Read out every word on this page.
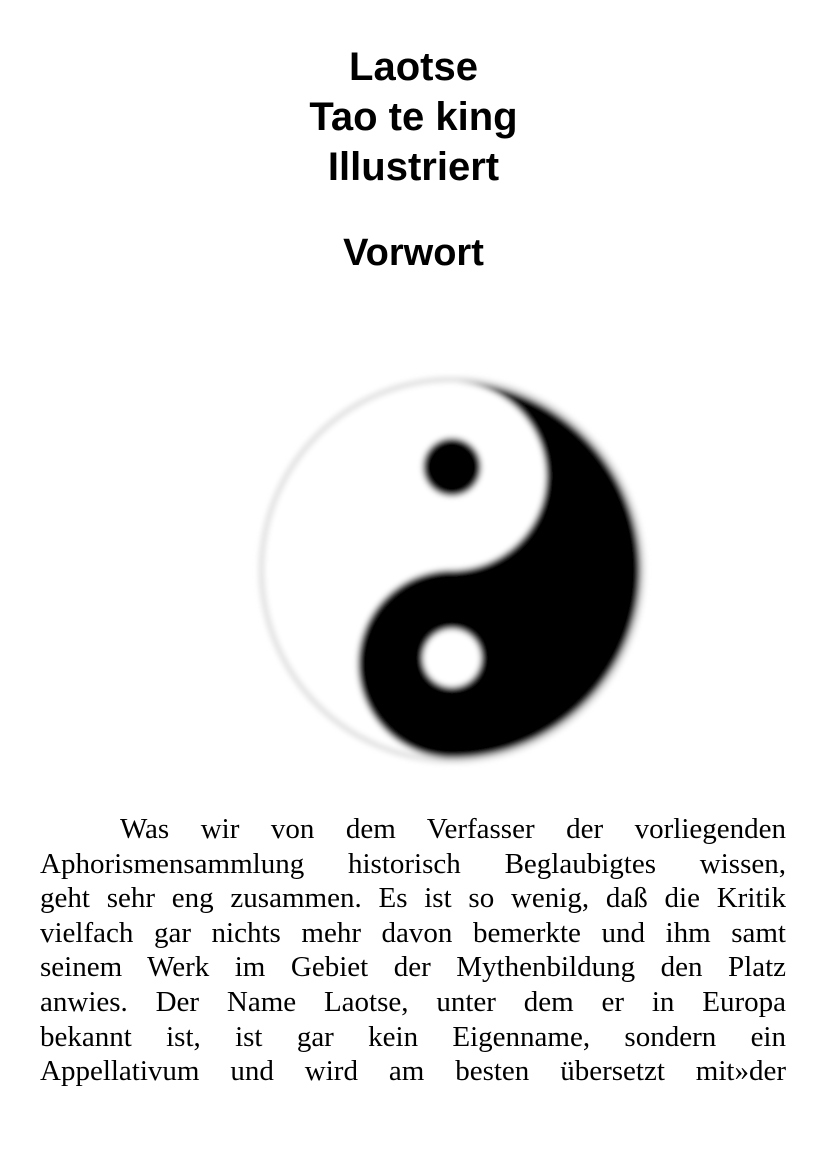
Laotse
Tao te king
Illustriert
Vorwort
Was wir von dem Verfasser der vorliegenden
Aphorismensammlung historisch Beglaubigtes wissen,
geht sehr eng zusammen. Es ist so wenig, daß die Kritik
vielfach gar nichts mehr davon bemerkte und ihm samt
seinem Werk im Gebiet der Mythenbildung den Platz
anwies. Der Name Laotse, unter dem er in Europa
bekannt ist, ist gar kein Eigenname, sondern ein
Appellativum und wird am besten übersetzt mit»der
